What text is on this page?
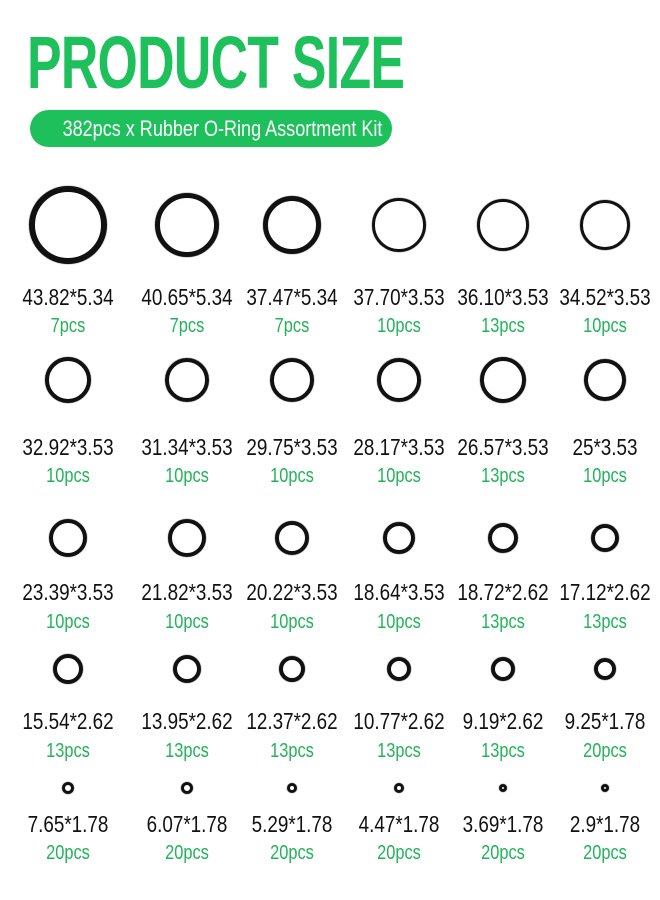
PRODUCT SIZE
382pcs x Rubber O-Ring Assortment Kit
43.82*5.34
7pcs
40.65*5.34
7pcs
37.47*5.34
7pcs
37.70*3.53
10pcs
36.10*3.53
13pcs
34.52*3.53
10pcs
32.92*3.53
10pcs
31.34*3.53
10pcs
29.75*3.53
10pcs
28.17*3.53
10pcs
26.57*3.53
13pcs
25*3.53
10pcs
23.39*3.53
10pcs
21.82*3.53
10pcs
20.22*3.53
10pcs
18.64*3.53
10pcs
18.72*2.62
13pcs
17.12*2.62
13pcs
15.54*2.62
13pcs
13.95*2.62
13pcs
12.37*2.62
13pcs
10.77*2.62
13pcs
9.19*2.62
13pcs
9.25*1.78
20pcs
7.65*1.78
20pcs
6.07*1.78
20pcs
5.29*1.78
20pcs
4.47*1.78
20pcs
3.69*1.78
20pcs
2.9*1.78
20pcs
